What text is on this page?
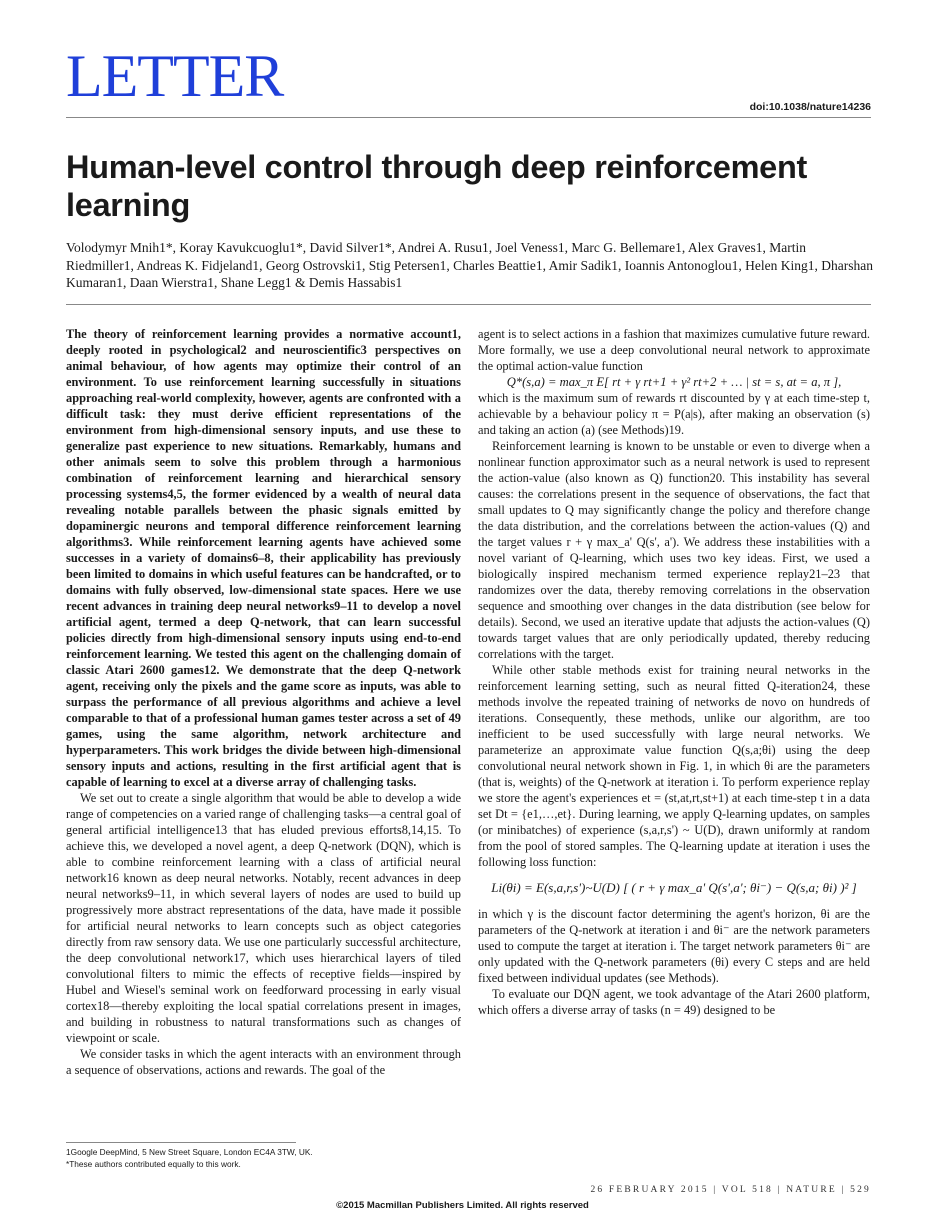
LETTER	doi:10.1038/nature14236
Human-level control through deep reinforcement learning
Volodymyr Mnih1*, Koray Kavukcuoglu1*, David Silver1*, Andrei A. Rusu1, Joel Veness1, Marc G. Bellemare1, Alex Graves1, Martin Riedmiller1, Andreas K. Fidjeland1, Georg Ostrovski1, Stig Petersen1, Charles Beattie1, Amir Sadik1, Ioannis Antonoglou1, Helen King1, Dharshan Kumaran1, Daan Wierstra1, Shane Legg1 & Demis Hassabis1

The theory of reinforcement learning provides a normative account1, deeply rooted in psychological2 and neuroscientific3 perspectives on animal behaviour, of how agents may optimize their control of an environment. To use reinforcement learning successfully in situations approaching real-world complexity, however, agents are confronted with a difficult task: they must derive efficient representations of the environment from high-dimensional sensory inputs, and use these to generalize past experience to new situations. Remarkably, humans and other animals seem to solve this problem through a harmonious combination of reinforcement learning and hierarchical sensory processing systems4,5, the former evidenced by a wealth of neural data revealing notable parallels between the phasic signals emitted by dopaminergic neurons and temporal difference reinforcement learning algorithms3. While reinforcement learning agents have achieved some successes in a variety of domains6–8, their applicability has previously been limited to domains in which useful features can be handcrafted, or to domains with fully observed, low-dimensional state spaces. Here we use recent advances in training deep neural networks9–11 to develop a novel artificial agent, termed a deep Q-network, that can learn successful policies directly from high-dimensional sensory inputs using end-to-end reinforcement learning. We tested this agent on the challenging domain of classic Atari 2600 games12. We demonstrate that the deep Q-network agent, receiving only the pixels and the game score as inputs, was able to surpass the performance of all previous algorithms and achieve a level comparable to that of a professional human games tester across a set of 49 games, using the same algorithm, network architecture and hyperparameters. This work bridges the divide between high-dimensional sensory inputs and actions, resulting in the first artificial agent that is capable of learning to excel at a diverse array of challenging tasks.

We set out to create a single algorithm that would be able to develop a wide range of competencies on a varied range of challenging tasks—a central goal of general artificial intelligence13 that has eluded previous efforts8,14,15. To achieve this, we developed a novel agent, a deep Q-network (DQN), which is able to combine reinforcement learning with a class of artificial neural network16 known as deep neural networks. Notably, recent advances in deep neural networks9–11, in which several layers of nodes are used to build up progressively more abstract representations of the data, have made it possible for artificial neural networks to learn concepts such as object categories directly from raw sensory data. We use one particularly successful architecture, the deep convolutional network17, which uses hierarchical layers of tiled convolutional filters to mimic the effects of receptive fields—inspired by Hubel and Wiesel's seminal work on feedforward processing in early visual cortex18—thereby exploiting the local spatial correlations present in images, and building in robustness to natural transformations such as changes of viewpoint or scale.

We consider tasks in which the agent interacts with an environment through a sequence of observations, actions and rewards. The goal of the

agent is to select actions in a fashion that maximizes cumulative future reward. More formally, we use a deep convolutional neural network to approximate the optimal action-value function

Q*(s,a) = max_π E[ rt + γ rt+1 + γ² rt+2 + … | st = s, at = a, π ],

which is the maximum sum of rewards rt discounted by γ at each time-step t, achievable by a behaviour policy π = P(a|s), after making an observation (s) and taking an action (a) (see Methods)19.

Reinforcement learning is known to be unstable or even to diverge when a nonlinear function approximator such as a neural network is used to represent the action-value (also known as Q) function20. This instability has several causes: the correlations present in the sequence of observations, the fact that small updates to Q may significantly change the policy and therefore change the data distribution, and the correlations between the action-values (Q) and the target values r + γ max_a' Q(s', a'). We address these instabilities with a novel variant of Q-learning, which uses two key ideas. First, we used a biologically inspired mechanism termed experience replay21–23 that randomizes over the data, thereby removing correlations in the observation sequence and smoothing over changes in the data distribution (see below for details). Second, we used an iterative update that adjusts the action-values (Q) towards target values that are only periodically updated, thereby reducing correlations with the target.

While other stable methods exist for training neural networks in the reinforcement learning setting, such as neural fitted Q-iteration24, these methods involve the repeated training of networks de novo on hundreds of iterations. Consequently, these methods, unlike our algorithm, are too inefficient to be used successfully with large neural networks. We parameterize an approximate value function Q(s,a;θi) using the deep convolutional neural network shown in Fig. 1, in which θi are the parameters (that is, weights) of the Q-network at iteration i. To perform experience replay we store the agent's experiences et = (st,at,rt,st+1) at each time-step t in a data set Dt = {e1,…,et}. During learning, we apply Q-learning updates, on samples (or minibatches) of experience (s,a,r,s') ~ U(D), drawn uniformly at random from the pool of stored samples. The Q-learning update at iteration i uses the following loss function:

Li(θi) = E(s,a,r,s')~U(D) [ ( r + γ max_a' Q(s',a'; θi⁻) − Q(s,a; θi) )² ]

in which γ is the discount factor determining the agent's horizon, θi are the parameters of the Q-network at iteration i and θi⁻ are the network parameters used to compute the target at iteration i. The target network parameters θi⁻ are only updated with the Q-network parameters (θi) every C steps and are held fixed between individual updates (see Methods).

To evaluate our DQN agent, we took advantage of the Atari 2600 platform, which offers a diverse array of tasks (n = 49) designed to be

1Google DeepMind, 5 New Street Square, London EC4A 3TW, UK.
*These authors contributed equally to this work.
26 FEBRUARY 2015 | VOL 518 | NATURE | 529
©2015 Macmillan Publishers Limited. All rights reserved
